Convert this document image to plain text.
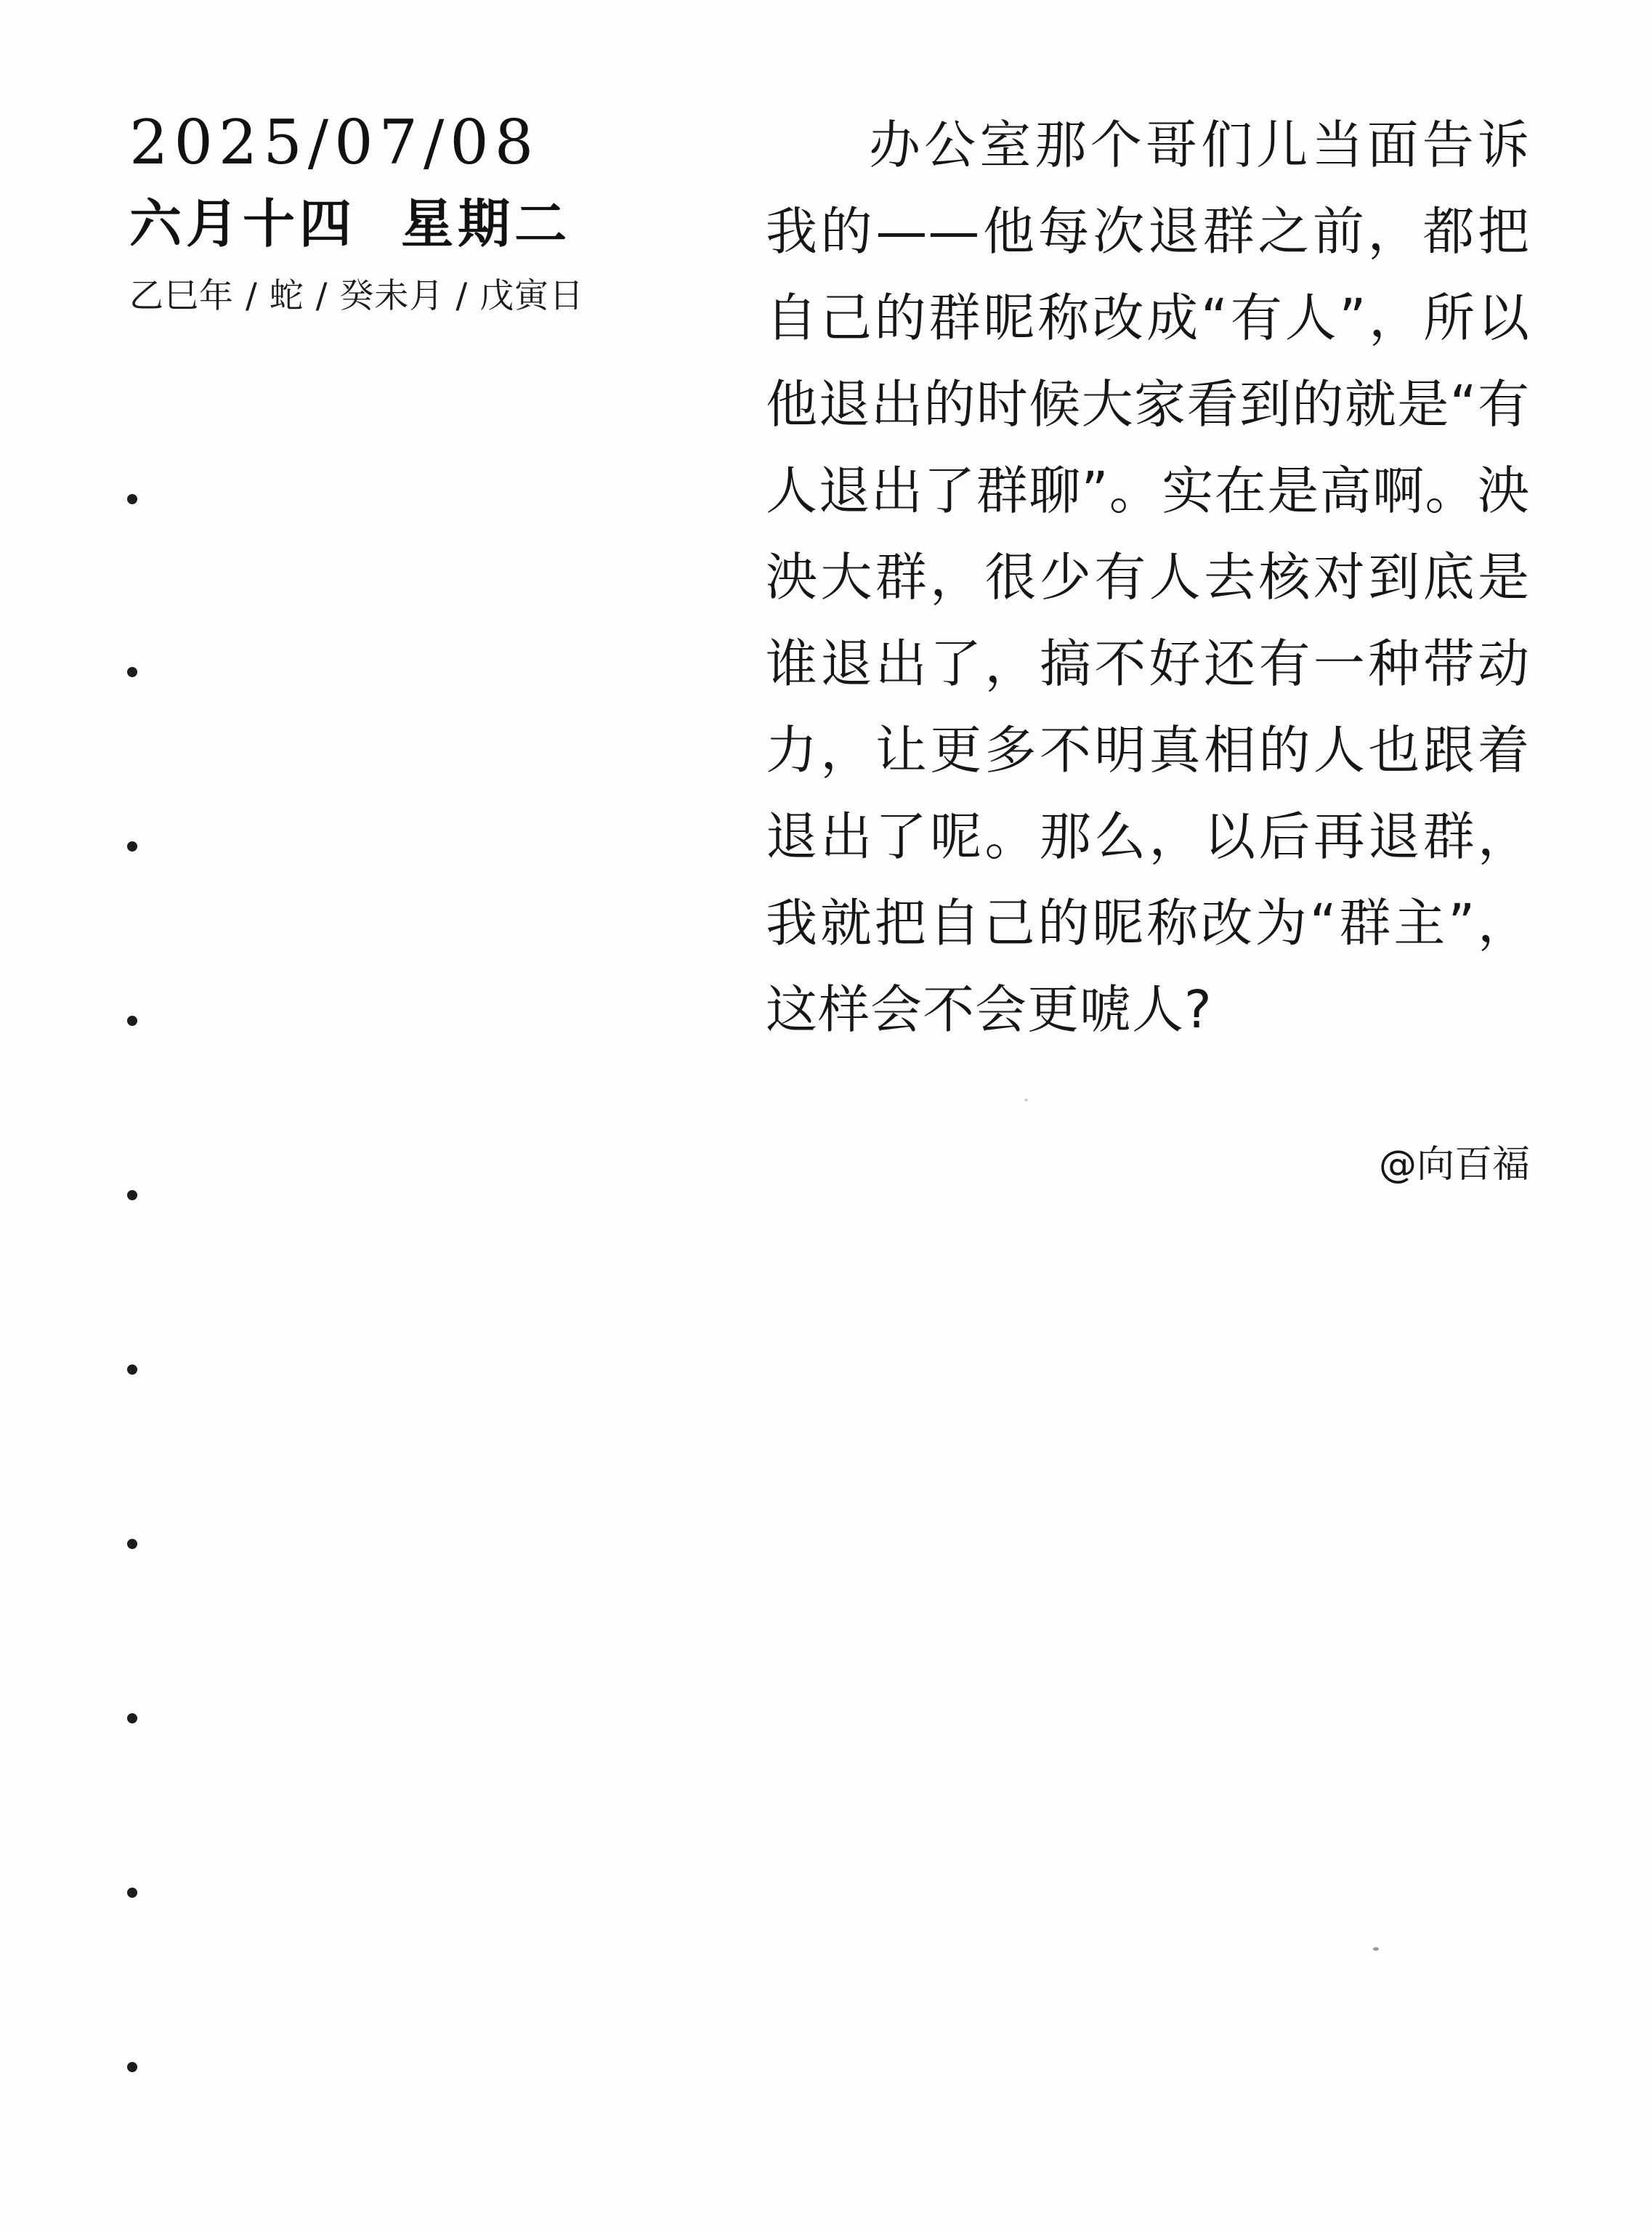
2025/07/08
六月十四  星期二
乙巳年 / 蛇 / 癸未月 / 戊寅日
办公室那个哥们儿当面告诉我的——他每次退群之前，都把自己的群昵称改成“有人”，所以他退出的时候大家看到的就是“有人退出了群聊”。实在是高啊。泱泱大群，很少有人去核对到底是谁退出了，搞不好还有一种带动力，让更多不明真相的人也跟着退出了呢。那么，以后再退群，我就把自己的昵称改为“群主”，这样会不会更唬人?
@向百福
